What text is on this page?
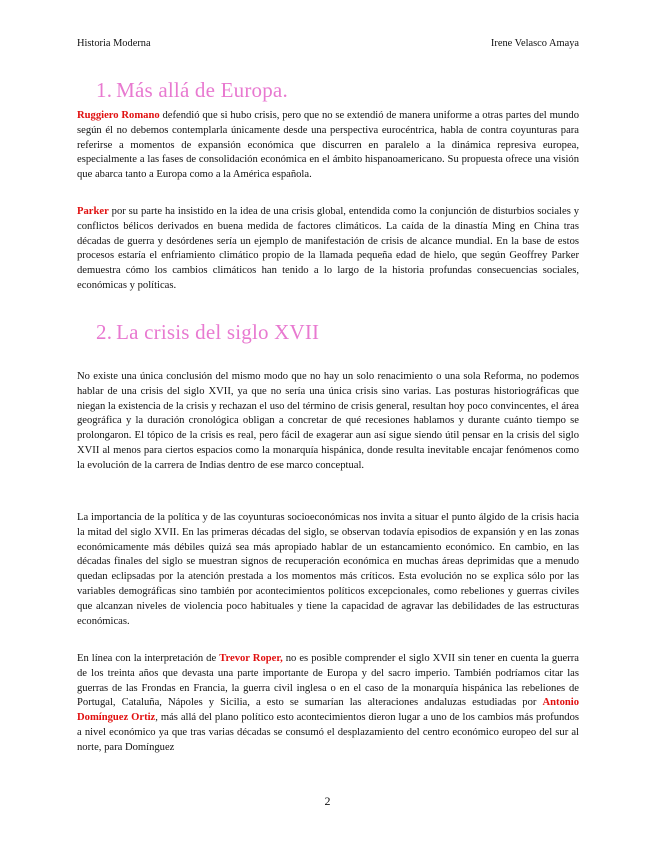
Historia Moderna	Irene Velasco Amaya
1. Más allá de Europa.

Ruggiero Romano defendió que si hubo crisis, pero que no se extendió de manera uniforme a otras partes del mundo según él no debemos contemplarla únicamente desde una perspectiva eurocéntrica, habla de contra coyunturas para referirse a momentos de expansión económica que discurren en paralelo a la dinámica represiva europea, especialmente a las fases de consolidación económica en el ámbito hispanoamericano. Su propuesta ofrece una visión que abarca tanto a Europa como a la América española.

Parker por su parte ha insistido en la idea de una crisis global, entendida como la conjunción de disturbios sociales y conflictos bélicos derivados en buena medida de factores climáticos. La caída de la dinastía Ming en China tras décadas de guerra y desórdenes sería un ejemplo de manifestación de crisis de alcance mundial. En la base de estos procesos estaría el enfriamiento climático propio de la llamada pequeña edad de hielo, que según Geoffrey Parker demuestra cómo los cambios climáticos han tenido a lo largo de la historia profundas consecuencias sociales, económicas y políticas.

2. La crisis del siglo XVII

No existe una única conclusión del mismo modo que no hay un solo renacimiento o una sola Reforma, no podemos hablar de una crisis del siglo XVII, ya que no sería una única crisis sino varias. Las posturas historiográficas que niegan la existencia de la crisis y rechazan el uso del término de crisis general, resultan hoy poco convincentes, el área geográfica y la duración cronológica obligan a concretar de qué recesiones hablamos y durante cuánto tiempo se prolongaron. El tópico de la crisis es real, pero fácil de exagerar aun así sigue siendo útil pensar en la crisis del siglo XVII al menos para ciertos espacios como la monarquía hispánica, donde resulta inevitable encajar fenómenos como la evolución de la carrera de Indias dentro de ese marco conceptual.

La importancia de la política y de las coyunturas socioeconómicas nos invita a situar el punto álgido de la crisis hacia la mitad del siglo XVII. En las primeras décadas del siglo, se observan todavía episodios de expansión y en las zonas económicamente más débiles quizá sea más apropiado hablar de un estancamiento económico. En cambio, en las décadas finales del siglo se muestran signos de recuperación económica en muchas áreas deprimidas que a menudo quedan eclipsadas por la atención prestada a los momentos más críticos. Esta evolución no se explica sólo por las variables demográficas sino también por acontecimientos políticos excepcionales, como rebeliones y guerras civiles que alcanzan niveles de violencia poco habituales y tiene la capacidad de agravar las debilidades de las estructuras económicas.

En línea con la interpretación de Trevor Roper, no es posible comprender el siglo XVII sin tener en cuenta la guerra de los treinta años que devasta una parte importante de Europa y del sacro imperio. También podríamos citar las guerras de las Frondas en Francia, la guerra civil inglesa o en el caso de la monarquía hispánica las rebeliones de Portugal, Cataluña, Nápoles y Sicilia, a esto se sumarían las alteraciones andaluzas estudiadas por Antonio Domínguez Ortiz, más allá del plano político esto acontecimientos dieron lugar a uno de los cambios más profundos a nivel económico ya que tras varias décadas se consumó el desplazamiento del centro económico europeo del sur al norte, para Domínguez

2
